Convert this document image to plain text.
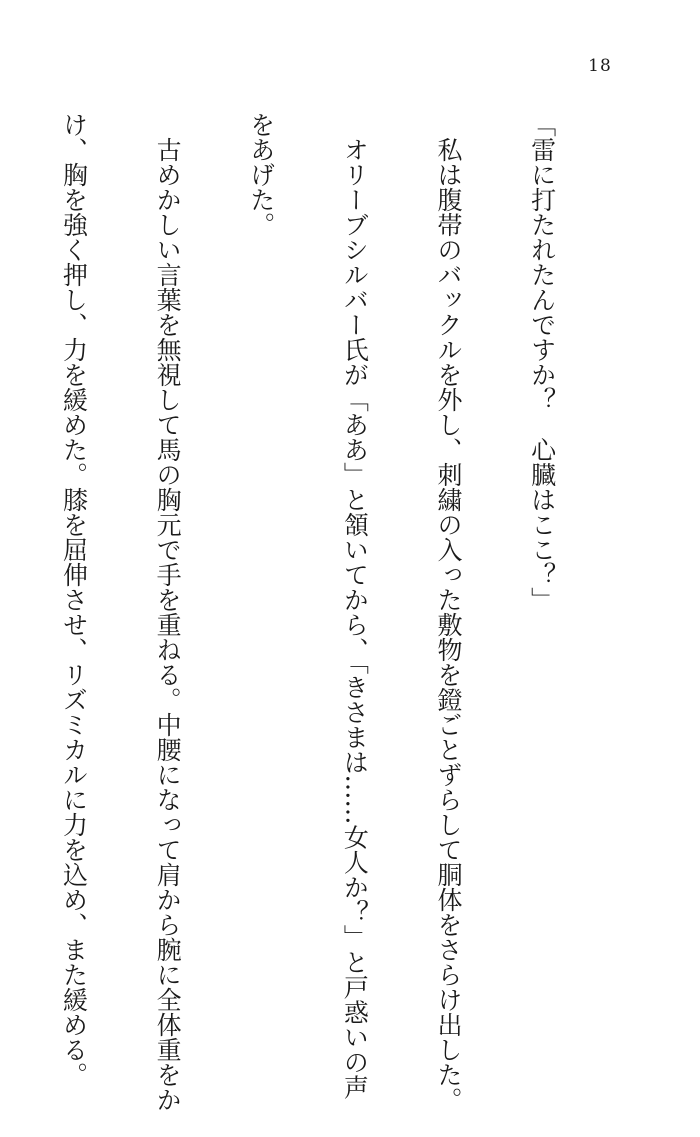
18

「雷に打たれたんですか？　心臓はここ？」

　私は腹帯のバックルを外し、刺繍の入った敷物を鐙ごとずらして胴体をさらけ出した。

　オリーブシルバー氏が「ああ」と頷いてから、「きさまは……女人か？」と戸惑いの声

をあげた。

　古めかしい言葉を無視して馬の胸元で手を重ねる。中腰になって肩から腕に全体重をか

け、胸を強く押し、力を緩めた。膝を屈伸させ、リズミカルに力を込め、また緩める。
